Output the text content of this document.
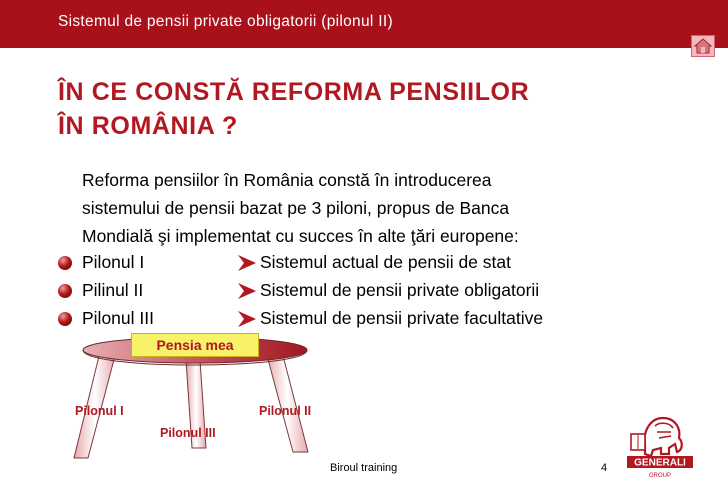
Sistemul de pensii private obligatorii (pilonul II)
ÎN CE CONSTĂ REFORMA PENSIILOR
ÎN ROMÂNIA ?
Reforma pensiilor în România constă în introducerea
sistemului de pensii bazat pe 3 piloni, propus de Banca
Mondială şi implementat cu succes în alte ţări europene:
Pilonul I	Sistemul actual de pensii de stat
Pilinul II	Sistemul de pensii private obligatorii
Pilonul III	Sistemul de pensii private facultative
Pensia mea
Pilonul I	Pilonul II
Pilonul III
Biroul training	4	GENERALI
GROUP
